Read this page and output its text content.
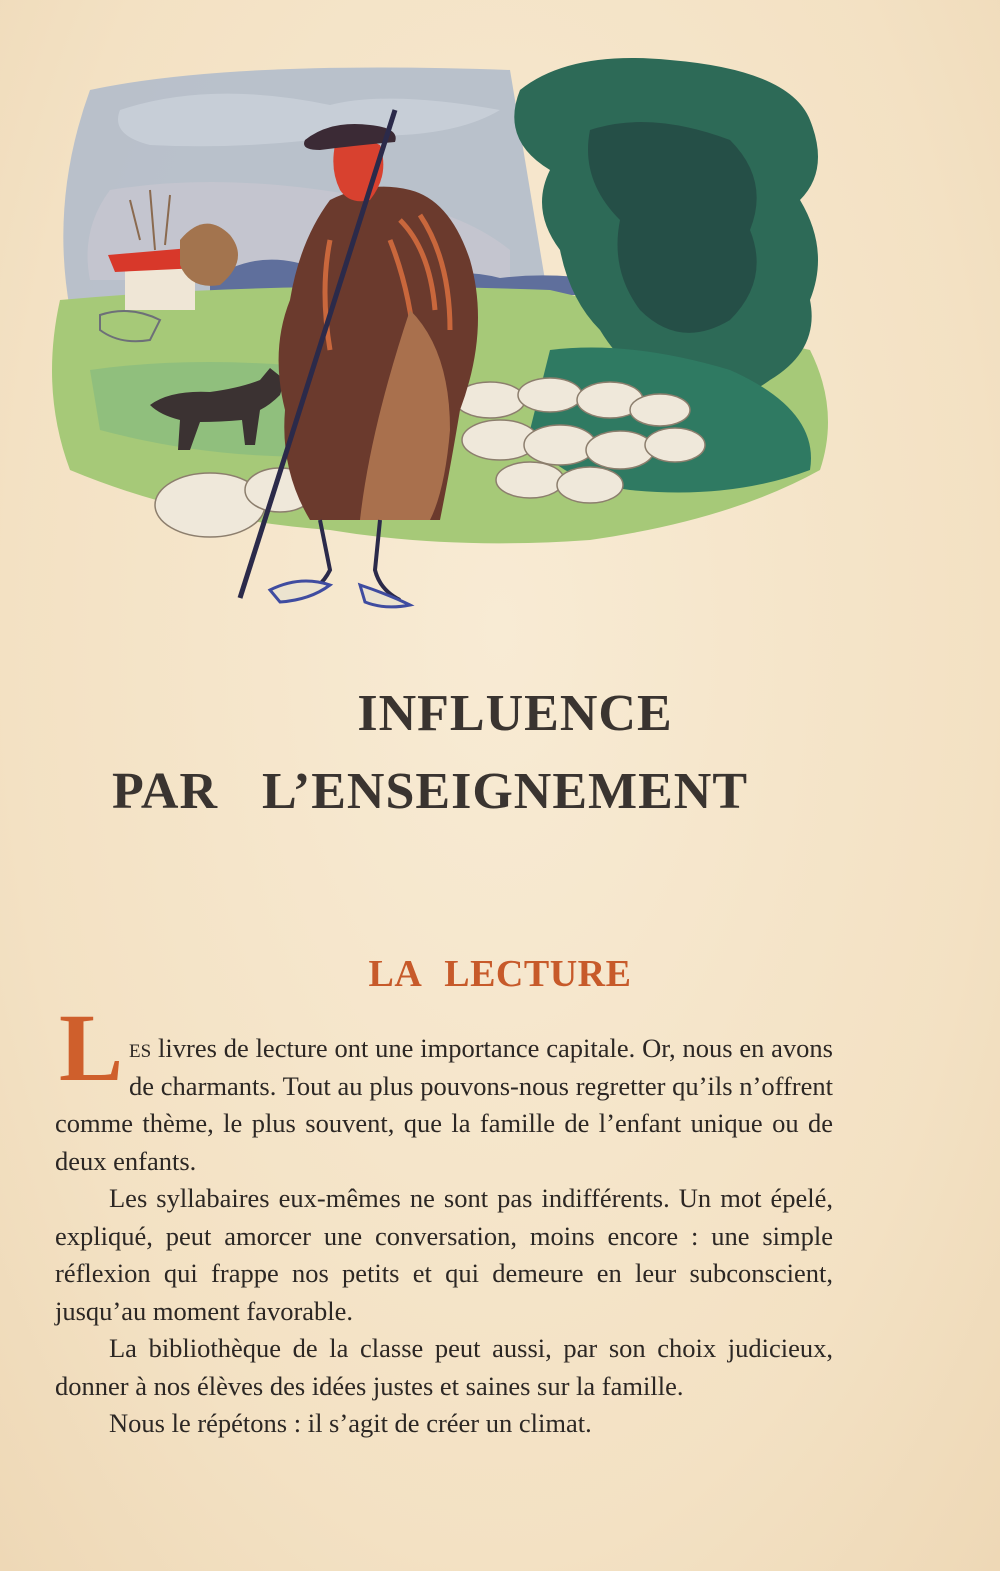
INFLUENCE
PAR L’ENSEIGNEMENT
LA LECTURE

Les livres de lecture ont une importance capitale. Or, nous en avons de charmants. Tout au plus pouvons-nous regretter qu’ils n’offrent comme thème, le plus souvent, que la famille de l’enfant unique ou de deux enfants.

Les syllabaires eux-mêmes ne sont pas indifférents. Un mot épelé, expliqué, peut amorcer une conversation, moins encore : une simple réflexion qui frappe nos petits et qui demeure en leur subconscient, jusqu’au moment favorable.

La bibliothèque de la classe peut aussi, par son choix judicieux, donner à nos élèves des idées justes et saines sur la famille.

Nous le répétons : il s’agit de créer un climat.
